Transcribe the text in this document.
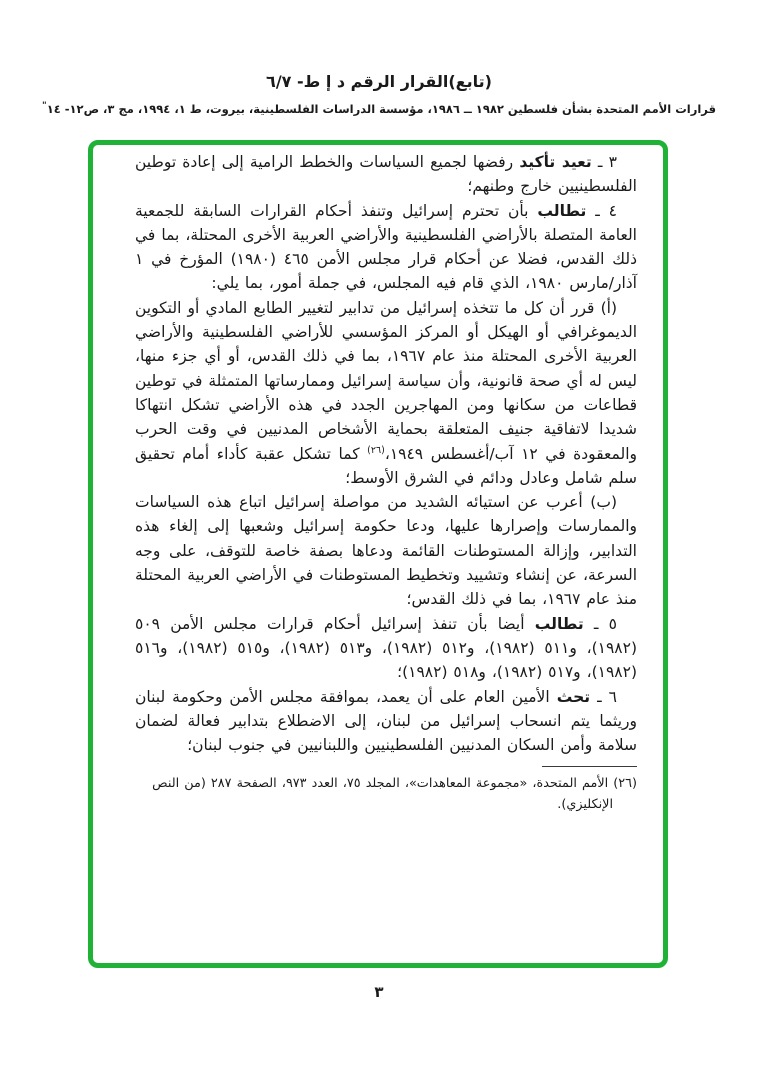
(تابع)القرار الرقم د إ ط- ٦/٧
قرارات الأمم المتحدة بشأن فلسطين ١٩٨٢ ــ ١٩٨٦، مؤسسة الدراسات الفلسطينية، بيروت، ط ١، ١٩٩٤، مج ٣، ص١٢- ١٤"

٣ ـ تعيد تأكيد رفضها لجميع السياسات والخطط الرامية إلى إعادة توطين الفلسطينيين خارج وطنهم؛

٤ ـ تطالب بأن تحترم إسرائيل وتنفذ أحكام القرارات السابقة للجمعية العامة المتصلة بالأراضي الفلسطينية والأراضي العربية الأخرى المحتلة، بما في ذلك القدس، فضلا عن أحكام قرار مجلس الأمن ٤٦٥ (١٩٨٠) المؤرخ في ١ آذار/مارس ١٩٨٠، الذي قام فيه المجلس، في جملة أمور، بما يلي:

(أ) قرر أن كل ما تتخذه إسرائيل من تدابير لتغيير الطابع المادي أو التكوين الديموغرافي أو الهيكل أو المركز المؤسسي للأراضي الفلسطينية والأراضي العربية الأخرى المحتلة منذ عام ١٩٦٧، بما في ذلك القدس، أو أي جزء منها، ليس له أي صحة قانونية، وأن سياسة إسرائيل وممارساتها المتمثلة في توطين قطاعات من سكانها ومن المهاجرين الجدد في هذه الأراضي تشكل انتهاكا شديدا لاتفاقية جنيف المتعلقة بحماية الأشخاص المدنيين في وقت الحرب والمعقودة في ١٢ آب/أغسطس ١٩٤٩،$^{(٢٦)}$ كما تشكل عقبة كأداء أمام تحقيق سلم شامل وعادل ودائم في الشرق الأوسط؛

(ب) أعرب عن استيائه الشديد من مواصلة إسرائيل اتباع هذه السياسات والممارسات وإصرارها عليها، ودعا حكومة إسرائيل وشعبها إلى إلغاء هذه التدابير، وإزالة المستوطنات القائمة ودعاها بصفة خاصة للتوقف، على وجه السرعة، عن إنشاء وتشييد وتخطيط المستوطنات في الأراضي العربية المحتلة منذ عام ١٩٦٧، بما في ذلك القدس؛

٥ ـ تطالب أيضا بأن تنفذ إسرائيل أحكام قرارات مجلس الأمن ٥٠٩ (١٩٨٢)، و٥١١ (١٩٨٢)، و٥١٢ (١٩٨٢)، و٥١٣ (١٩٨٢)، و٥١٥ (١٩٨٢)، و٥١٦ (١٩٨٢)، و٥١٧ (١٩٨٢)، و٥١٨ (١٩٨٢)؛

٦ ـ تحث الأمين العام على أن يعمد، بموافقة مجلس الأمن وحكومة لبنان وريثما يتم انسحاب إسرائيل من لبنان، إلى الاضطلاع بتدابير فعالة لضمان سلامة وأمن السكان المدنيين الفلسطينيين واللبنانيين في جنوب لبنان؛

(٢٦) الأمم المتحدة، «مجموعة المعاهدات»، المجلد ٧٥، العدد ٩٧٣، الصفحة ٢٨٧ (من النص الإنكليزي).

٣
